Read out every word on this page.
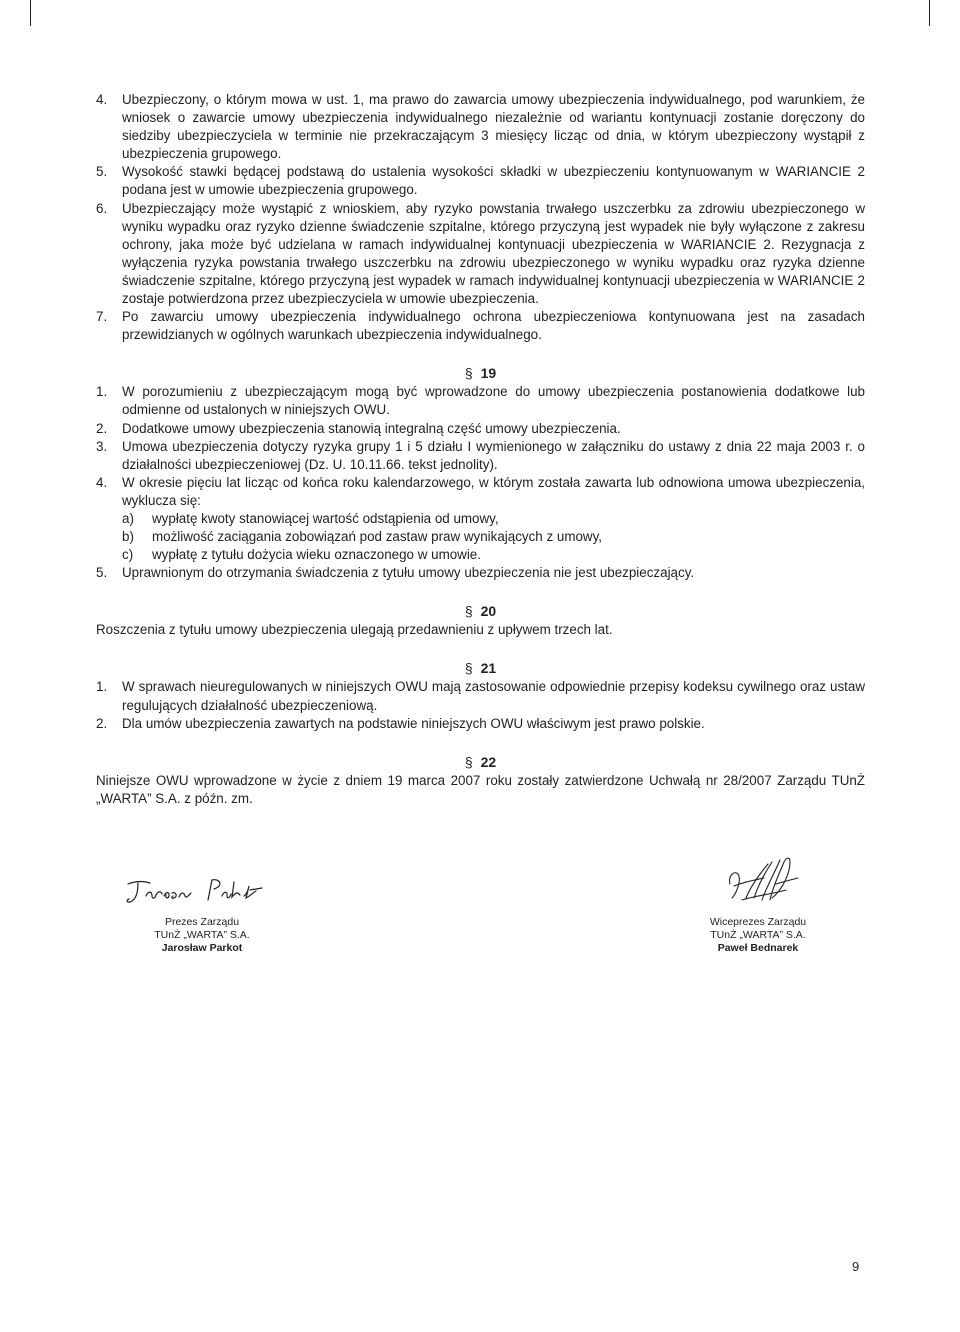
4.	Ubezpieczony, o którym mowa w ust. 1, ma prawo do zawarcia umowy ubezpieczenia indywidualnego, pod warunkiem, że wniosek o zawarcie umowy ubezpieczenia indywidualnego niezależnie od wariantu kontynuacji zostanie doręczony do siedziby ubezpieczyciela w terminie nie przekraczającym 3 miesięcy licząc od dnia, w którym ubezpieczony wystąpił z ubezpieczenia grupowego.
5.	Wysokość stawki będącej podstawą do ustalenia wysokości składki w ubezpieczeniu kontynuowanym w WARIANCIE 2 podana jest w umowie ubezpieczenia grupowego.
6.	Ubezpieczający może wystąpić z wnioskiem, aby ryzyko powstania trwałego uszczerbku za zdrowiu ubezpieczonego w wyniku wypadku oraz ryzyko dzienne świadczenie szpitalne, którego przyczyną jest wypadek nie były wyłączone z zakresu ochrony, jaka może być udzielana w ramach indywidualnej kontynuacji ubezpieczenia w WARIANCIE 2. Rezygnacja z wyłączenia ryzyka powstania trwałego uszczerbku na zdrowiu ubezpieczonego w wyniku wypadku oraz ryzyka dzienne świadczenie szpitalne, którego przyczyną jest wypadek w ramach indywidualnej kontynuacji ubezpieczenia w WARIANCIE 2 zostaje potwierdzona przez ubezpieczyciela w umowie ubezpieczenia.
7.	Po zawarciu umowy ubezpieczenia indywidualnego ochrona ubezpieczeniowa kontynuowana jest na zasadach przewidzianych w ogólnych warunkach ubezpieczenia indywidualnego.
§ 19
1.	W porozumieniu z ubezpieczającym mogą być wprowadzone do umowy ubezpieczenia postanowienia dodatkowe lub odmienne od ustalonych w niniejszych OWU.
2.	Dodatkowe umowy ubezpieczenia stanowią integralną część umowy ubezpieczenia.
3.	Umowa ubezpieczenia dotyczy ryzyka grupy 1 i 5 działu I wymienionego w załączniku do ustawy z dnia 22 maja 2003 r. o działalności ubezpieczeniowej (Dz. U. 10.11.66. tekst jednolity).
4.	W okresie pięciu lat licząc od końca roku kalendarzowego, w którym została zawarta lub odnowiona umowa ubezpieczenia, wyklucza się:
a)	wypłatę kwoty stanowiącej wartość odstąpienia od umowy,
b)	możliwość zaciągania zobowiązań pod zastaw praw wynikających z umowy,
c)	wypłatę z tytułu dożycia wieku oznaczonego w umowie.
5.	Uprawnionym do otrzymania świadczenia z tytułu umowy ubezpieczenia nie jest ubezpieczający.
§ 20

Roszczenia z tytułu umowy ubezpieczenia ulegają przedawnieniu z upływem trzech lat.

§ 21
1.	W sprawach nieuregulowanych w niniejszych OWU mają zastosowanie odpowiednie przepisy kodeksu cywilnego oraz ustaw regulujących działalność ubezpieczeniową.
2.	Dla umów ubezpieczenia zawartych na podstawie niniejszych OWU właściwym jest prawo polskie.
§ 22

Niniejsze OWU wprowadzone w życie z dniem 19 marca 2007 roku zostały zatwierdzone Uchwałą nr 28/2007 Zarządu TUnŻ „WARTA” S.A. z późn. zm.

Jarosław Parkot
Prezes Zarządu
TUnŻ „WARTA” S.A.
Jarosław Parkot
Wiceprezes Zarządu
TUnŻ „WARTA” S.A.
Paweł Bednarek
9
